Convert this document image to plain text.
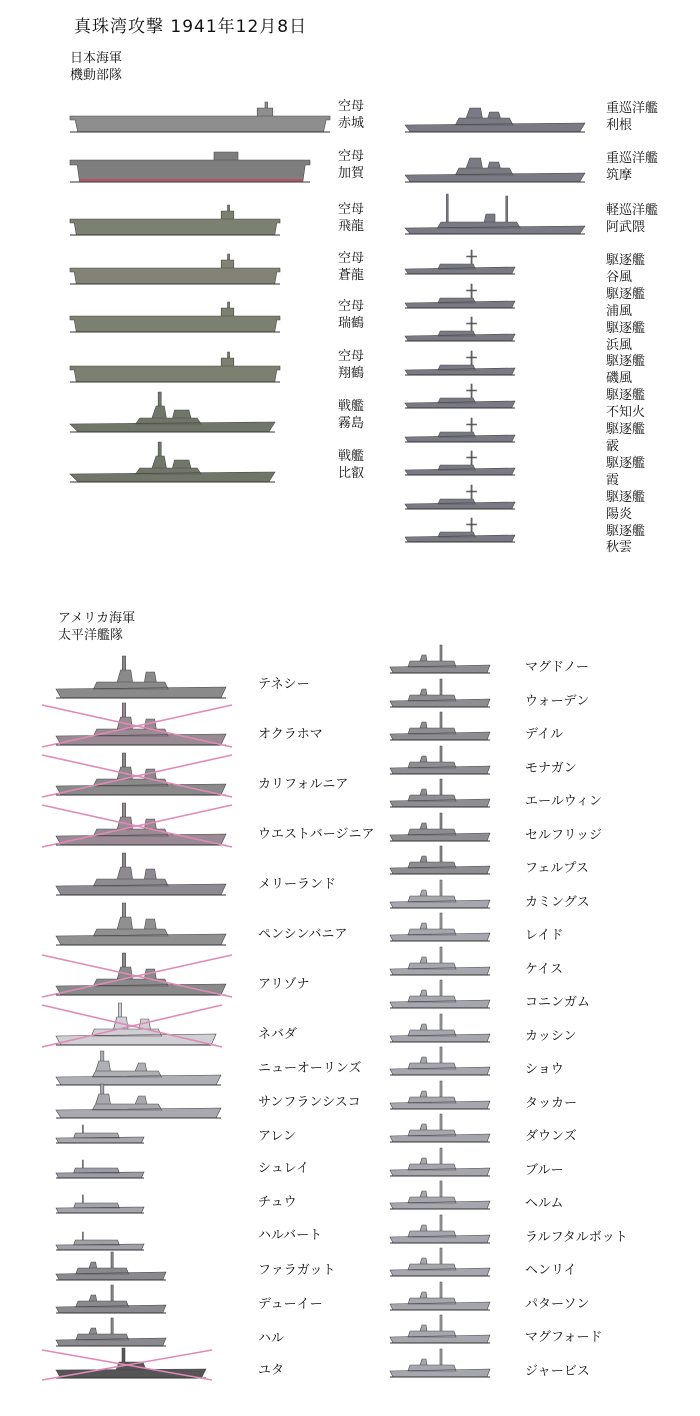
真珠湾攻撃 1941年12月8日
日本海軍
機動部隊
アメリカ海軍
太平洋艦隊
空母
赤城
空母
加賀
空母
飛龍
空母
蒼龍
空母
瑞鶴
空母
翔鶴
戦艦
霧島
戦艦
比叡
重巡洋艦
利根
重巡洋艦
筑摩
軽巡洋艦
阿武隈
駆逐艦
谷風
駆逐艦
浦風
駆逐艦
浜風
駆逐艦
磯風
駆逐艦
不知火
駆逐艦
霰
駆逐艦
霞
駆逐艦
陽炎
駆逐艦
秋雲
テネシー
オクラホマ
カリフォルニア
ウエストバージニア
メリーランド
ペンシンバニア
アリゾナ
ネバダ
ニューオーリンズ
サンフランシスコ
アレン
シュレイ
チュウ
ハルバート
ファラガット
デューイー
ハル
ユタ
マグドノー
ウォーデン
デイル
モナガン
エールウィン
セルフリッジ
フェルプス
カミングス
レイド
ケイス
コニンガム
カッシン
ショウ
タッカー
ダウンズ
ブルー
ヘルム
ラルフタルボット
ヘンリイ
パターソン
マグフォード
ジャービス
